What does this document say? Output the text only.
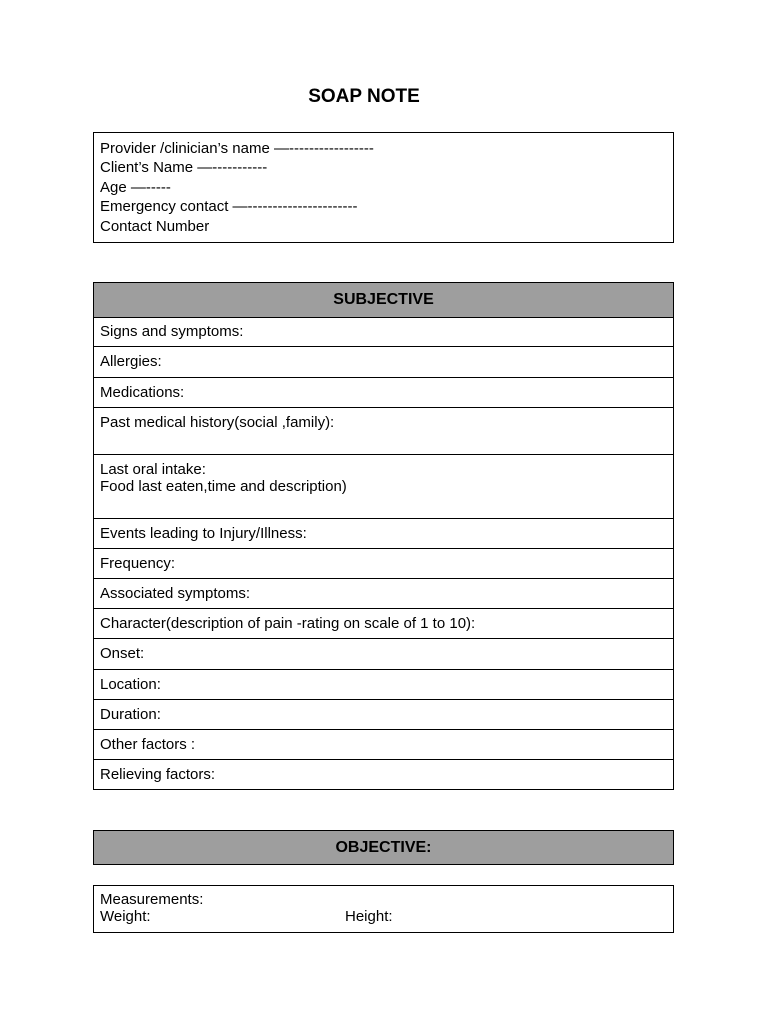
SOAP NOTE
Provider /clinician’s name —-----------------
Client’s Name —-----------
Age —-----
Emergency contact —----------------------
Contact Number
SUBJECTIVE
Signs and symptoms:
Allergies:
Medications:
Past medical history(social ,family):
Last oral intake:
Food last eaten,time and description)
Events leading to Injury/Illness:
Frequency:
Associated symptoms:
Character(description of pain -rating on scale of 1 to 10):
Onset:
Location:
Duration:
Other factors :
Relieving factors:
OBJECTIVE:
Measurements:
Weight:	Height:
